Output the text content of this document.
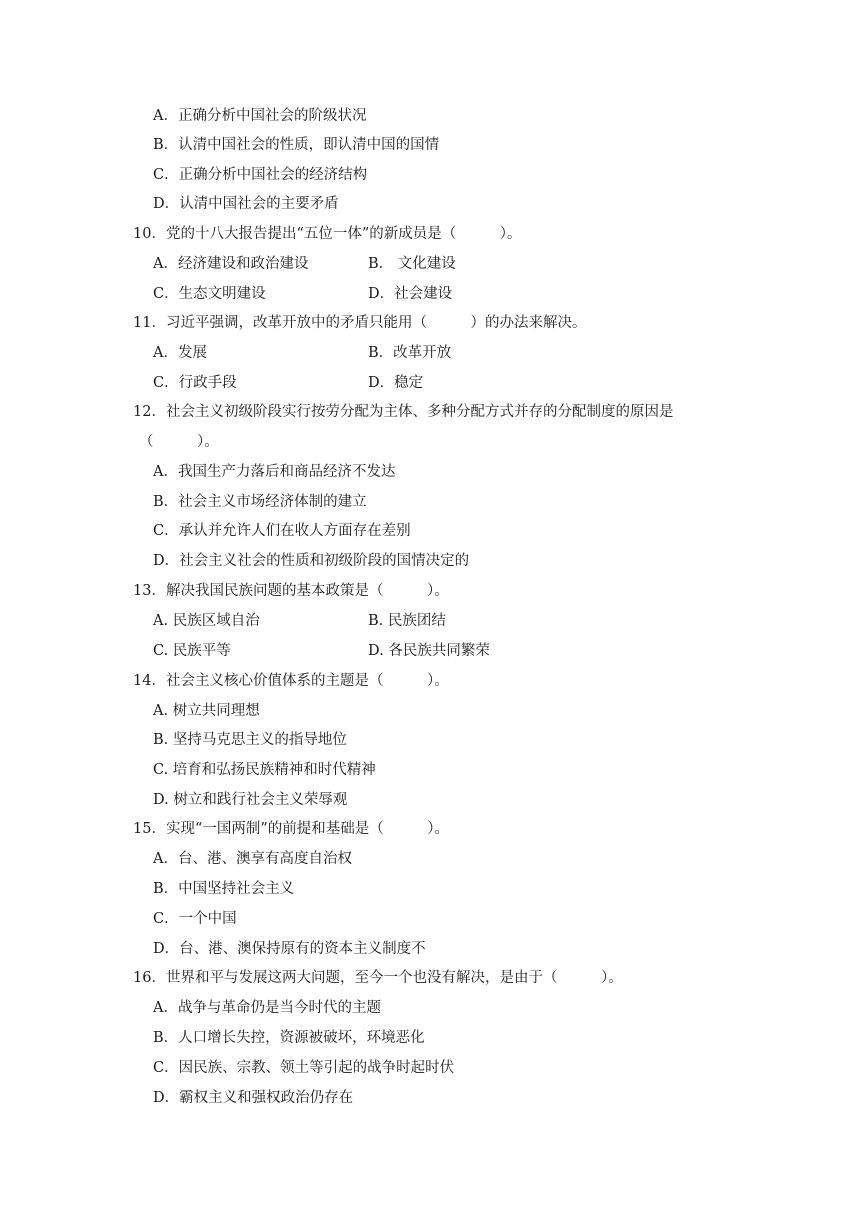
A．正确分析中国社会的阶级状况
B．认清中国社会的性质，即认清中国的国情
C．正确分析中国社会的经济结构
D．认清中国社会的主要矛盾
10．党的十八大报告提出“五位一体”的新成员是（　　　）。
A．经济建设和政治建设	B． 文化建设
C．生态文明建设	D．社会建设
11．习近平强调，改革开放中的矛盾只能用（　　　）的办法来解决。
A．发展	B．改革开放
C．行政手段	D．稳定
12．社会主义初级阶段实行按劳分配为主体、多种分配方式并存的分配制度的原因是
（　　　）。
A．我国生产力落后和商品经济不发达
B．社会主义市场经济体制的建立
C．承认并允许人们在收人方面存在差别
D．社会主义社会的性质和初级阶段的国情决定的
13．解决我国民族问题的基本政策是（　　　）。
A. 民族区域自治	B. 民族团结
C. 民族平等	D. 各民族共同繁荣
14．社会主义核心价值体系的主题是（　　　）。
A. 树立共同理想
B. 坚持马克思主义的指导地位
C. 培育和弘扬民族精神和时代精神
D. 树立和践行社会主义荣辱观
15．实现“一国两制”的前提和基础是（　　　）。
A．台、港、澳享有高度自治权
B．中国坚持社会主义
C．一个中国
D．台、港、澳保持原有的资本主义制度不
16．世界和平与发展这两大问题，至今一个也没有解决，是由于（　　　）。
A．战争与革命仍是当今时代的主题
B．人口增长失控，资源被破坏，环境恶化
C．因民族、宗教、领土等引起的战争时起时伏
D．霸权主义和强权政治仍存在
